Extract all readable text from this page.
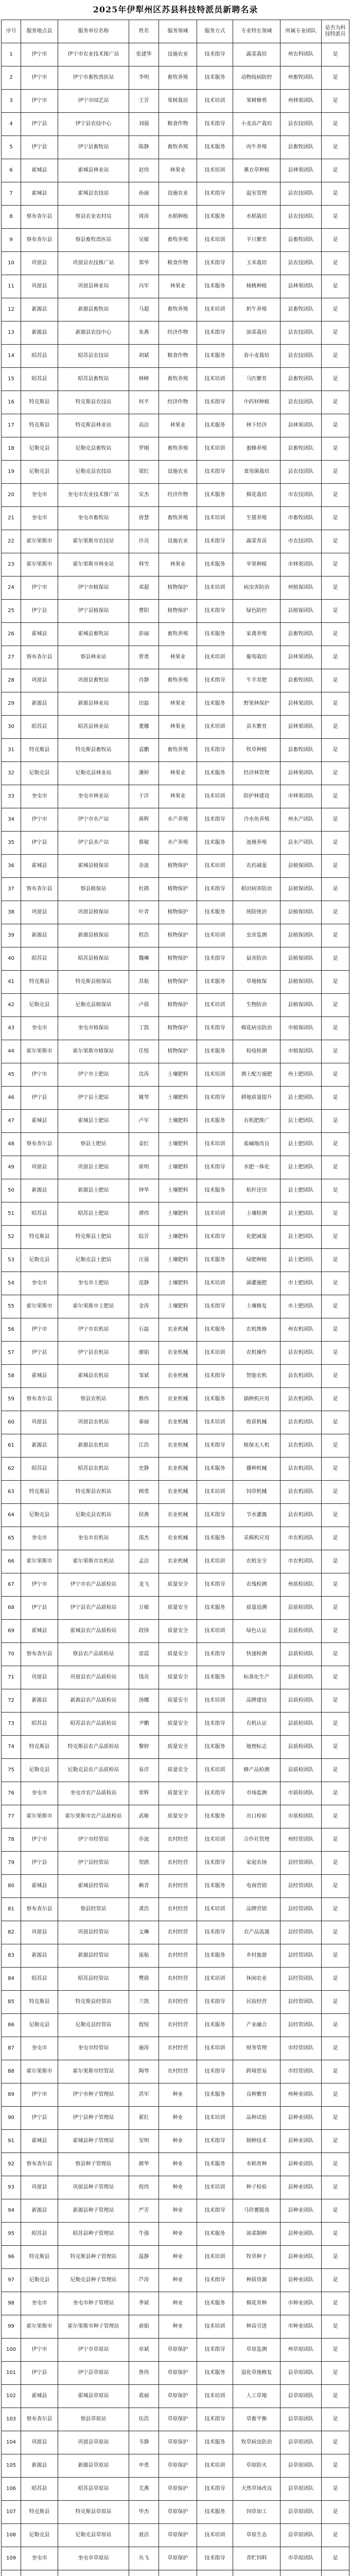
2025年伊犁州区苏县科技特派员新聘名录
序号	服务地点县	服务单位名称	姓名	服务领域	服务方式	专业特长领域	所属专业团队	是否为科技特派员
1	伊宁市	伊宁市农业技术推广站	张建华	设施农业	技术指导	蔬菜栽培	州农科团队	是
2	伊宁市	伊宁市畜牧兽医站	李明	畜牧养殖	技术服务	动物疫病防控	州畜牧团队	是
3	伊宁市	伊宁市园艺站	王芳	果树栽培	技术培训	果树修剪	州林果团队	是
4	伊宁县	伊宁县农技中心	刘强	粮食作物	技术指导	小麦高产栽培	县农技团队	是
5	伊宁县	伊宁县畜牧站	陈静	畜牧养殖	技术服务	肉牛养殖	县畜牧团队	是
6	霍城县	霍城县林业站	赵伟	林果业	技术培训	薰衣草种植	县林果团队	是
7	霍城县	霍城县农技站	孙丽	设施农业	技术指导	温室管理	县农技团队	是
8	察布查尔县	察县农业农村局	周涛	水稻种植	技术服务	水稻栽培	县农技团队	是
9	察布查尔县	察县畜牧兽医站	吴敏	畜牧养殖	技术培训	羊只繁育	县畜牧团队	是
10	巩留县	巩留县农技推广站	郑华	粮食作物	技术指导	玉米栽培	县农技团队	是
11	巩留县	巩留县林业局	冯军	林果业	技术服务	核桃种植	县林果团队	是
12	新源县	新源县畜牧站	马超	畜牧养殖	技术培训	奶牛养殖	县畜牧团队	是
13	新源县	新源县农技中心	朱燕	经济作物	技术指导	油菜栽培	县农技团队	是
14	昭苏县	昭苏县农技站	胡斌	粮食作物	技术服务	春小麦栽培	县农技团队	是
15	昭苏县	昭苏县畜牧站	林峰	畜牧养殖	技术培训	马匹繁育	县畜牧团队	是
16	特克斯县	特克斯县农技站	何平	经济作物	技术指导	中药材种植	县农技团队	是
17	特克斯县	特克斯县林业站	高洁	林果业	技术服务	林下经济	县林果团队	是
18	尼勒克县	尼勒克县畜牧站	罗刚	畜牧养殖	技术培训	蜜蜂养殖	县畜牧团队	是
19	尼勒克县	尼勒克县农技站	梁红	设施农业	技术指导	食用菌栽培	县农技团队	是
20	奎屯市	奎屯市农业技术推广站	宋杰	经济作物	技术服务	棉花栽培	市农技团队	是
21	奎屯市	奎屯市畜牧站	唐慧	畜牧养殖	技术培训	生猪养殖	市畜牧团队	是
22	霍尔果斯市	霍尔果斯市农技站	许亮	设施农业	技术指导	蔬菜育苗	市农技团队	是
23	霍尔果斯市	霍尔果斯市林业站	韩雪	林果业	技术服务	苹果种植	市林果团队	是
24	伊宁市	伊宁市植保站	邓超	植物保护	技术培训	病虫害防治	州植保团队	是
25	伊宁县	伊宁县植保站	曹阳	植物保护	技术指导	绿色防控	县植保团队	是
26	霍城县	霍城县畜牧站	彭丽	畜牧养殖	技术服务	家禽养殖	县畜牧团队	是
27	察布查尔县	察县林业站	曾勇	林果业	技术培训	葡萄栽培	县林果团队	是
28	巩留县	巩留县畜牧站	肖静	畜牧养殖	技术指导	牛羊育肥	县畜牧团队	是
29	新源县	新源县林业局	田磊	林果业	技术服务	野果林保护	县林果团队	是
30	昭苏县	昭苏县林业站	董娜	林果业	技术培训	苗木繁育	县林果团队	是
31	特克斯县	特克斯县畜牧站	袁鹏	畜牧养殖	技术指导	牧草种植	县畜牧团队	是
32	尼勒克县	尼勒克县林业站	潘婷	林果业	技术服务	经济林管理	县林果团队	是
33	奎屯市	奎屯市林业站	于洋	林果业	技术培训	防护林建设	市林果团队	是
34	伊宁市	伊宁市水产站	蒋辉	水产养殖	技术指导	冷水鱼养殖	州水产团队	是
35	伊宁县	伊宁县水产站	蔡敏	水产养殖	技术服务	池塘养殖	县水产团队	是
36	霍城县	霍城县植保站	余波	植物保护	技术培训	农药减量	县植保团队	是
37	察布查尔县	察县植保站	杜鹃	植物保护	技术指导	稻田病害防治	县植保团队	是
38	巩留县	巩留县植保站	叶青	植物保护	技术服务	统防统治	县植保团队	是
39	新源县	新源县植保站	程浩	植物保护	技术培训	虫害监测	县植保团队	是
40	昭苏县	昭苏县植保站	魏琳	植物保护	技术指导	鼠害防治	县植保团队	是
41	特克斯县	特克斯县植保站	苏航	植物保护	技术服务	草地植保	县植保团队	是
42	尼勒克县	尼勒克县植保站	卢倩	植物保护	技术培训	生物防治	县植保团队	是
43	奎屯市	奎屯市植保站	丁凯	植物保护	技术指导	棉花病虫防治	市植保团队	是
44	霍尔果斯市	霍尔果斯市植保站	任悦	植物保护	技术服务	检疫检测	市植保团队	是
45	伊宁市	伊宁市土肥站	沈涛	土壤肥料	技术培训	测土配方施肥	州土肥团队	是
46	伊宁县	伊宁县土肥站	姚琴	土壤肥料	技术指导	耕地质量提升	县土肥团队	是
47	霍城县	霍城县土肥站	卢军	土壤肥料	技术服务	有机肥推广	县土肥团队	是
48	察布查尔县	察县土肥站	姜红	土壤肥料	技术培训	盐碱地改良	县土肥团队	是
49	巩留县	巩留县土肥站	崔明	土壤肥料	技术指导	水肥一体化	县土肥团队	是
50	新源县	新源县土肥站	钟华	土壤肥料	技术服务	秸秆还田	县土肥团队	是
51	昭苏县	昭苏县土肥站	谭伟	土壤肥料	技术培训	土壤检测	县土肥团队	是
52	特克斯县	特克斯县土肥站	陆芳	土壤肥料	技术指导	化肥减量	县土肥团队	是
53	尼勒克县	尼勒克县土肥站	汪强	土壤肥料	技术服务	绿肥种植	县土肥团队	是
54	奎屯市	奎屯市土肥站	范静	土壤肥料	技术培训	滴灌施肥	市土肥团队	是
55	霍尔果斯市	霍尔果斯市土肥站	金涛	土壤肥料	技术指导	土壤修复	市土肥团队	是
56	伊宁市	伊宁市农机站	石磊	农业机械	技术服务	农机维修	州农机团队	是
57	伊宁县	伊宁县农机站	廖娟	农业机械	技术培训	农机操作	县农机团队	是
58	霍城县	霍城县农机站	邹斌	农业机械	技术指导	智能农机	县农机团队	是
59	察布查尔县	察县农机站	熊伟	农业机械	技术服务	插秧机应用	县农机团队	是
60	巩留县	巩留县农机站	秦丽	农业机械	技术培训	收获机械	县农机团队	是
61	新源县	新源县农机站	江浩	农业机械	技术指导	植保无人机	县农机团队	是
62	昭苏县	昭苏县农机站	史静	农业机械	技术服务	播种机械	县农机团队	是
63	特克斯县	特克斯县农机站	顾勇	农业机械	技术培训	饲草机械	县农机团队	是
64	尼勒克县	尼勒克县农机站	侯燕	农业机械	技术指导	节水灌溉	县农机团队	是
65	奎屯市	奎屯市农机站	邵杰	农业机械	技术服务	采棉机应用	市农机团队	是
66	霍尔果斯市	霍尔果斯市农机站	孟洁	农业机械	技术培训	农机安全	市农机团队	是
67	伊宁市	伊宁市农产品质检站	龙飞	质量安全	技术指导	农残检测	州质检团队	是
68	伊宁县	伊宁县农产品质检站	万敏	质量安全	技术服务	质量追溯	县质检团队	是
69	霍城县	霍城县农产品质检站	段锋	质量安全	技术培训	绿色认证	县质检团队	是
70	察布查尔县	察县农产品质检站	雷霞	质量安全	技术指导	快速检测	县质检团队	是
71	巩留县	巩留县农产品质检站	钱亮	质量安全	技术服务	标准化生产	县质检团队	是
72	新源县	新源县农产品质检站	汤娜	质量安全	技术培训	品牌建设	县质检团队	是
73	昭苏县	昭苏县农产品质检站	尹鹏	质量安全	技术指导	有机认证	县质检团队	是
74	特克斯县	特克斯县农产品质检站	黎婷	质量安全	技术服务	地理标志	县质检团队	是
75	尼勒克县	尼勒克县农产品质检站	易洋	质量安全	技术培训	蜂产品检测	县质检团队	是
76	奎屯市	奎屯市农产品质检站	常辉	质量安全	技术指导	市场监测	市质检团队	是
77	霍尔果斯市	霍尔果斯市农产品质检站	武敏	质量安全	技术服务	出口检验	市质检团队	是
78	伊宁市	伊宁市经管站	乔波	农村经营	技术培训	合作社管理	州经管团队	是
79	伊宁县	伊宁县经管站	贺鹃	农村经营	技术指导	家庭农场	县经管团队	是
80	霍城县	霍城县经管站	赖青	农村经营	技术服务	电商营销	县经管团队	是
81	察布查尔县	察县经管站	龚浩	农村经营	技术培训	品牌营销	县经管团队	是
82	巩留县	巩留县经管站	文琳	农村经营	技术指导	农产品流通	县经管团队	是
83	新源县	新源县经管站	庞航	农村经营	技术服务	乡村旅游	县经管团队	是
84	昭苏县	昭苏县经管站	樊倩	农村经营	技术培训	休闲农业	县经管团队	是
85	特克斯县	特克斯县经管站	兰凯	农村经营	技术指导	民宿经营	县经管团队	是
86	尼勒克县	尼勒克县经管站	殷悦	农村经营	技术服务	产业融合	县经管团队	是
87	奎屯市	奎屯市经管站	施涛	农村经营	技术培训	财务管理	市经管团队	是
88	霍尔果斯市	霍尔果斯市经管站	陶琴	农村经营	技术指导	跨境贸易	市经管团队	是
89	伊宁市	伊宁市种子管理站	洪军	种业	技术服务	良种繁育	州种业团队	是
90	伊宁县	伊宁县种子管理站	翟红	种业	技术培训	品种试验	县种业团队	是
91	霍城县	霍城县种子管理站	安明	种业	技术指导	制种技术	县种业团队	是
92	察布查尔县	察县种子管理站	颜华	种业	技术服务	水稻育种	县种业团队	是
93	巩留县	巩留县种子管理站	倪伟	种业	技术培训	种子检验	县种业团队	是
94	新源县	新源县种子管理站	严芳	种业	技术指导	马铃薯脱毒	县种业团队	是
95	昭苏县	昭苏县种子管理站	牛强	种业	技术服务	油菜制种	县种业团队	是
96	特克斯县	特克斯县种子管理站	温静	种业	技术培训	牧草种子	县种业团队	是
97	尼勒克县	尼勒克县种子管理站	芦涛	种业	技术指导	种质资源	县种业团队	是
98	奎屯市	奎屯市种子管理站	季斌	种业	技术服务	棉花育种	市种业团队	是
99	霍尔果斯市	霍尔果斯市种子管理站	俞娟	种业	技术培训	种苗引进	市种业团队	是
100	伊宁市	伊宁市草原站	章斌	草原保护	技术指导	草原监测	州草原团队	是
101	伊宁县	伊宁县草原站	鲁伟	草原保护	技术服务	退化草地修复	县草原团队	是
102	霍城县	霍城县草原站	葛丽	草原保护	技术培训	人工草地	县草原团队	是
103	察布查尔县	察县草原站	伍浩	草原保护	技术指导	草畜平衡	县草原团队	是
104	巩留县	巩留县草原站	韦静	草原保护	技术服务	牧草病虫防治	县草原团队	是
105	新源县	新源县草原站	申勇	草原保护	技术培训	草原防火	县草原团队	是
106	昭苏县	昭苏县草原站	尤燕	草原保护	技术指导	天然草场改良	县草原团队	是
107	特克斯县	特克斯县草原站	毕杰	草原保护	技术服务	饲草加工	县草原团队	是
108	尼勒克县	尼勒克县草原站	聂洁	草原保护	技术培训	草原生态	县草原团队	是
109	奎屯市	奎屯市草原站	丛飞	草原保护	技术指导	青贮饲料	市草原团队	是
